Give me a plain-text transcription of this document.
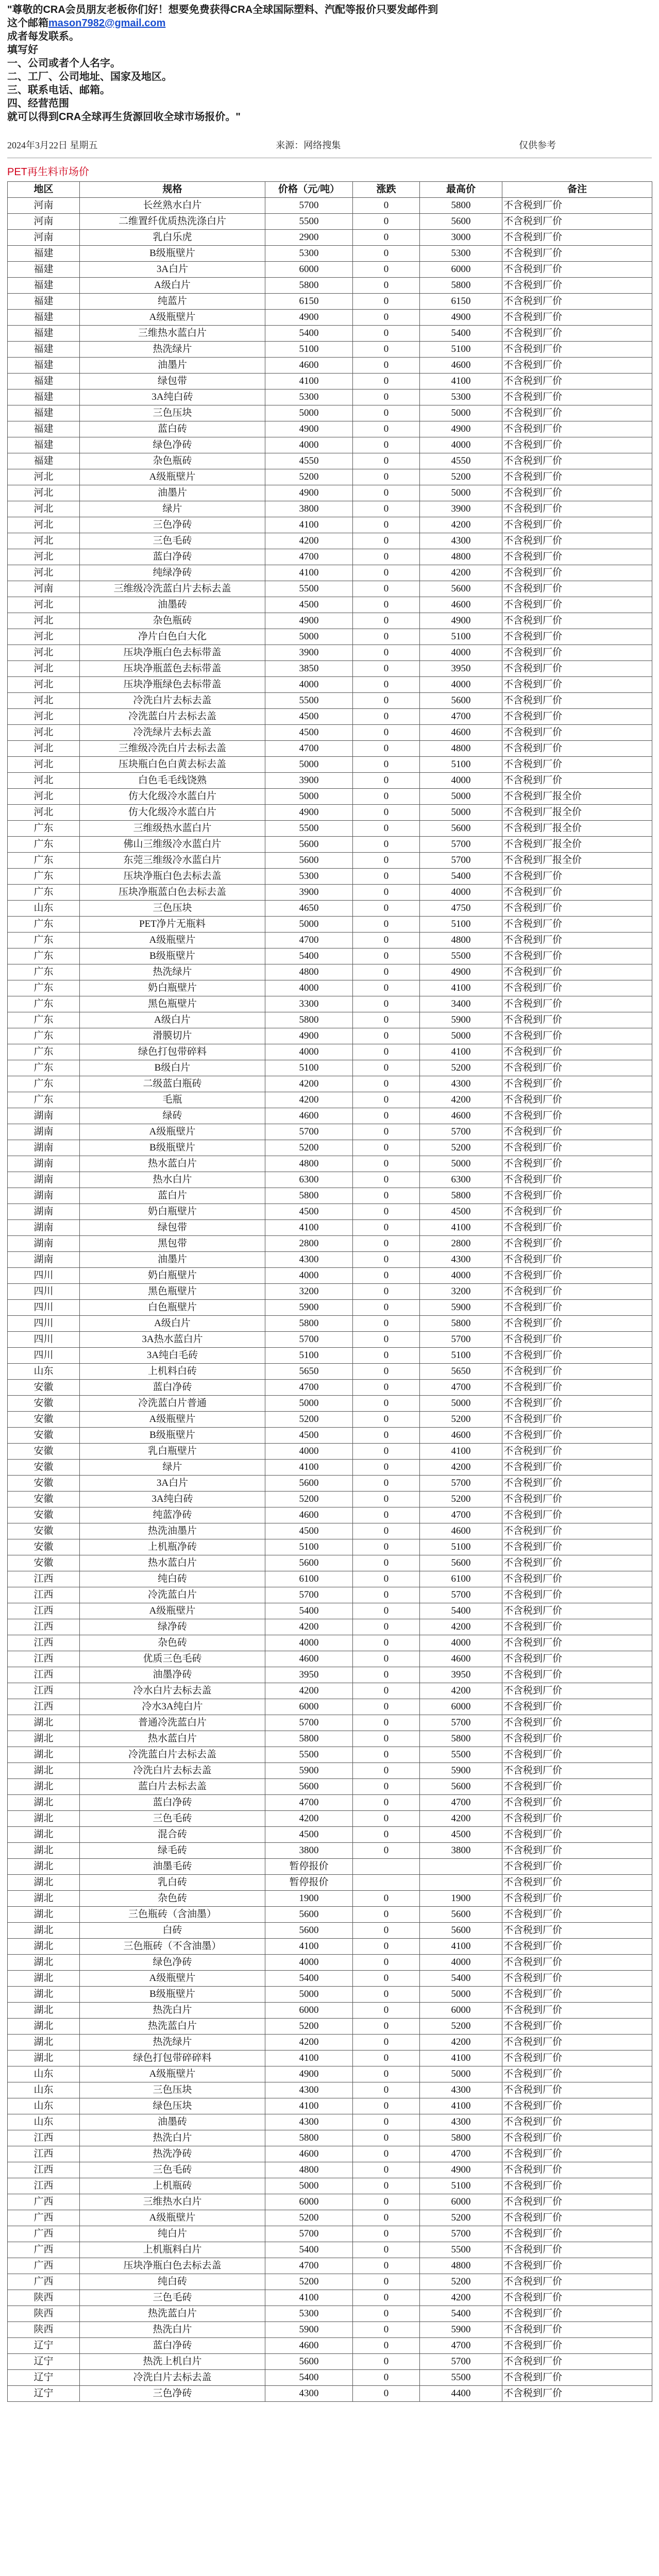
"尊敬的CRA会员朋友老板你们好！想要免费获得CRA全球国际塑料、汽配等报价只要发邮件到
这个邮箱mason7982@gmail.com
成者每发联系。
填写好
一、公司或者个人名字。
二、工厂、公司地址、国家及地区。
三、联系电话、邮箱。
四、经营范围
就可以得到CRA全球再生货源回收全球市场报价。"
2024年3月22日 星期五	来源：网络搜集	仅供参考
PET再生料市场价
地区	规格	价格（元/吨）	涨跌	最高价	备注
河南	长丝熟水白片	5700	0	5800	不含税到厂价
河南	二维置纤优质热洗涤白片	5500	0	5600	不含税到厂价
河南	乳白乐虎	2900	0	3000	不含税到厂价
福建	B级瓶壁片	5300	0	5300	不含税到厂价
福建	3A白片	6000	0	6000	不含税到厂价
福建	A级白片	5800	0	5800	不含税到厂价
福建	纯蓝片	6150	0	6150	不含税到厂价
福建	A级瓶壁片	4900	0	4900	不含税到厂价
福建	三维热水蓝白片	5400	0	5400	不含税到厂价
福建	热洗绿片	5100	0	5100	不含税到厂价
福建	油墨片	4600	0	4600	不含税到厂价
福建	绿包带	4100	0	4100	不含税到厂价
福建	3A纯白砖	5300	0	5300	不含税到厂价
福建	三色压块	5000	0	5000	不含税到厂价
福建	蓝白砖	4900	0	4900	不含税到厂价
福建	绿色净砖	4000	0	4000	不含税到厂价
福建	杂色瓶砖	4550	0	4550	不含税到厂价
河北	A级瓶壁片	5200	0	5200	不含税到厂价
河北	油墨片	4900	0	5000	不含税到厂价
河北	绿片	3800	0	3900	不含税到厂价
河北	三色净砖	4100	0	4200	不含税到厂价
河北	三色毛砖	4200	0	4300	不含税到厂价
河北	蓝白净砖	4700	0	4800	不含税到厂价
河北	纯绿净砖	4100	0	4200	不含税到厂价
河南	三维级冷洗蓝白片去标去盖	5500	0	5600	不含税到厂价
河北	油墨砖	4500	0	4600	不含税到厂价
河北	杂色瓶砖	4900	0	4900	不含税到厂价
河北	净片白色白大化	5000	0	5100	不含税到厂价
河北	压块净瓶白色去标带盖	3900	0	4000	不含税到厂价
河北	压块净瓶蓝色去标带盖	3850	0	3950	不含税到厂价
河北	压块净瓶绿色去标带盖	4000	0	4000	不含税到厂价
河北	冷洗白片去标去盖	5500	0	5600	不含税到厂价
河北	冷洗蓝白片去标去盖	4500	0	4700	不含税到厂价
河北	冷洗绿片去标去盖	4500	0	4600	不含税到厂价
河北	三维级冷洗白片去标去盖	4700	0	4800	不含税到厂价
河北	压块瓶白色白黄去标去盖	5000	0	5100	不含税到厂价
河北	白色毛毛线饶熟	3900	0	4000	不含税到厂价
河北	仿大化级冷水蓝白片	5000	0	5000	不含税到厂报全价
河北	仿大化级冷水蓝白片	4900	0	5000	不含税到厂报全价
广东	三维级热水蓝白片	5500	0	5600	不含税到厂报全价
广东	佛山三维级冷水蓝白片	5600	0	5700	不含税到厂报全价
广东	东莞三维级冷水蓝白片	5600	0	5700	不含税到厂报全价
广东	压块净瓶白色去标去盖	5300	0	5400	不含税到厂价
广东	压块净瓶蓝白色去标去盖	3900	0	4000	不含税到厂价
山东	三色压块	4650	0	4750	不含税到厂价
广东	PET净片无瓶料	5000	0	5100	不含税到厂价
广东	A级瓶壁片	4700	0	4800	不含税到厂价
广东	B级瓶壁片	5400	0	5500	不含税到厂价
广东	热洗绿片	4800	0	4900	不含税到厂价
广东	奶白瓶壁片	4000	0	4100	不含税到厂价
广东	黑色瓶壁片	3300	0	3400	不含税到厂价
广东	A级白片	5800	0	5900	不含税到厂价
广东	滑膜切片	4900	0	5000	不含税到厂价
广东	绿色打包带碎料	4000	0	4100	不含税到厂价
广东	B级白片	5100	0	5200	不含税到厂价
广东	二级蓝白瓶砖	4200	0	4300	不含税到厂价
广东	毛瓶	4200	0	4200	不含税到厂价
湖南	绿砖	4600	0	4600	不含税到厂价
湖南	A级瓶壁片	5700	0	5700	不含税到厂价
湖南	B级瓶壁片	5200	0	5200	不含税到厂价
湖南	热水蓝白片	4800	0	5000	不含税到厂价
湖南	热水白片	6300	0	6300	不含税到厂价
湖南	蓝白片	5800	0	5800	不含税到厂价
湖南	奶白瓶壁片	4500	0	4500	不含税到厂价
湖南	绿包带	4100	0	4100	不含税到厂价
湖南	黑包带	2800	0	2800	不含税到厂价
湖南	油墨片	4300	0	4300	不含税到厂价
四川	奶白瓶壁片	4000	0	4000	不含税到厂价
四川	黑色瓶壁片	3200	0	3200	不含税到厂价
四川	白色瓶壁片	5900	0	5900	不含税到厂价
四川	A级白片	5800	0	5800	不含税到厂价
四川	3A热水蓝白片	5700	0	5700	不含税到厂价
四川	3A纯白毛砖	5100	0	5100	不含税到厂价
山东	上机料白砖	5650	0	5650	不含税到厂价
安徽	蓝白净砖	4700	0	4700	不含税到厂价
安徽	冷洗蓝白片普通	5000	0	5000	不含税到厂价
安徽	A级瓶壁片	5200	0	5200	不含税到厂价
安徽	B级瓶壁片	4500	0	4600	不含税到厂价
安徽	乳白瓶壁片	4000	0	4100	不含税到厂价
安徽	绿片	4100	0	4200	不含税到厂价
安徽	3A白片	5600	0	5700	不含税到厂价
安徽	3A纯白砖	5200	0	5200	不含税到厂价
安徽	纯蓝净砖	4600	0	4700	不含税到厂价
安徽	热洗油墨片	4500	0	4600	不含税到厂价
安徽	上机瓶净砖	5100	0	5100	不含税到厂价
安徽	热水蓝白片	5600	0	5600	不含税到厂价
江西	纯白砖	6100	0	6100	不含税到厂价
江西	冷洗蓝白片	5700	0	5700	不含税到厂价
江西	A级瓶壁片	5400	0	5400	不含税到厂价
江西	绿净砖	4200	0	4200	不含税到厂价
江西	杂色砖	4000	0	4000	不含税到厂价
江西	优质三色毛砖	4600	0	4600	不含税到厂价
江西	油墨净砖	3950	0	3950	不含税到厂价
江西	冷水白片去标去盖	4200	0	4200	不含税到厂价
江西	冷水3A纯白片	6000	0	6000	不含税到厂价
湖北	普通冷洗蓝白片	5700	0	5700	不含税到厂价
湖北	热水蓝白片	5800	0	5800	不含税到厂价
湖北	冷洗蓝白片去标去盖	5500	0	5500	不含税到厂价
湖北	冷洗白片去标去盖	5900	0	5900	不含税到厂价
湖北	蓝白片去标去盖	5600	0	5600	不含税到厂价
湖北	蓝白净砖	4700	0	4700	不含税到厂价
湖北	三色毛砖	4200	0	4200	不含税到厂价
湖北	混合砖	4500	0	4500	不含税到厂价
湖北	绿毛砖	3800	0	3800	不含税到厂价
湖北	油墨毛砖	暂停报价			不含税到厂价
湖北	乳白砖	暂停报价			不含税到厂价
湖北	杂色砖	1900	0	1900	不含税到厂价
湖北	三色瓶砖（含油墨）	5600	0	5600	不含税到厂价
湖北	白砖	5600	0	5600	不含税到厂价
湖北	三色瓶砖（不含油墨）	4100	0	4100	不含税到厂价
湖北	绿色净砖	4000	0	4000	不含税到厂价
湖北	A级瓶壁片	5400	0	5400	不含税到厂价
湖北	B级瓶壁片	5000	0	5000	不含税到厂价
湖北	热洗白片	6000	0	6000	不含税到厂价
湖北	热洗蓝白片	5200	0	5200	不含税到厂价
湖北	热洗绿片	4200	0	4200	不含税到厂价
湖北	绿色打包带碎碎料	4100	0	4100	不含税到厂价
山东	A级瓶壁片	4900	0	5000	不含税到厂价
山东	三色压块	4300	0	4300	不含税到厂价
山东	绿色压块	4100	0	4100	不含税到厂价
山东	油墨砖	4300	0	4300	不含税到厂价
江西	热洗白片	5800	0	5800	不含税到厂价
江西	热洗净砖	4600	0	4700	不含税到厂价
江西	三色毛砖	4800	0	4900	不含税到厂价
江西	上机瓶砖	5000	0	5100	不含税到厂价
广西	三维热水白片	6000	0	6000	不含税到厂价
广西	A级瓶壁片	5200	0	5200	不含税到厂价
广西	纯白片	5700	0	5700	不含税到厂价
广西	上机瓶料白片	5400	0	5500	不含税到厂价
广西	压块净瓶白色去标去盖	4700	0	4800	不含税到厂价
广西	纯白砖	5200	0	5200	不含税到厂价
陕西	三色毛砖	4100	0	4200	不含税到厂价
陕西	热洗蓝白片	5300	0	5400	不含税到厂价
陕西	热洗白片	5900	0	5900	不含税到厂价
辽宁	蓝白净砖	4600	0	4700	不含税到厂价
辽宁	热洗上机白片	5600	0	5700	不含税到厂价
辽宁	冷洗白片去标去盖	5400	0	5500	不含税到厂价
辽宁	三色净砖	4300	0	4400	不含税到厂价
